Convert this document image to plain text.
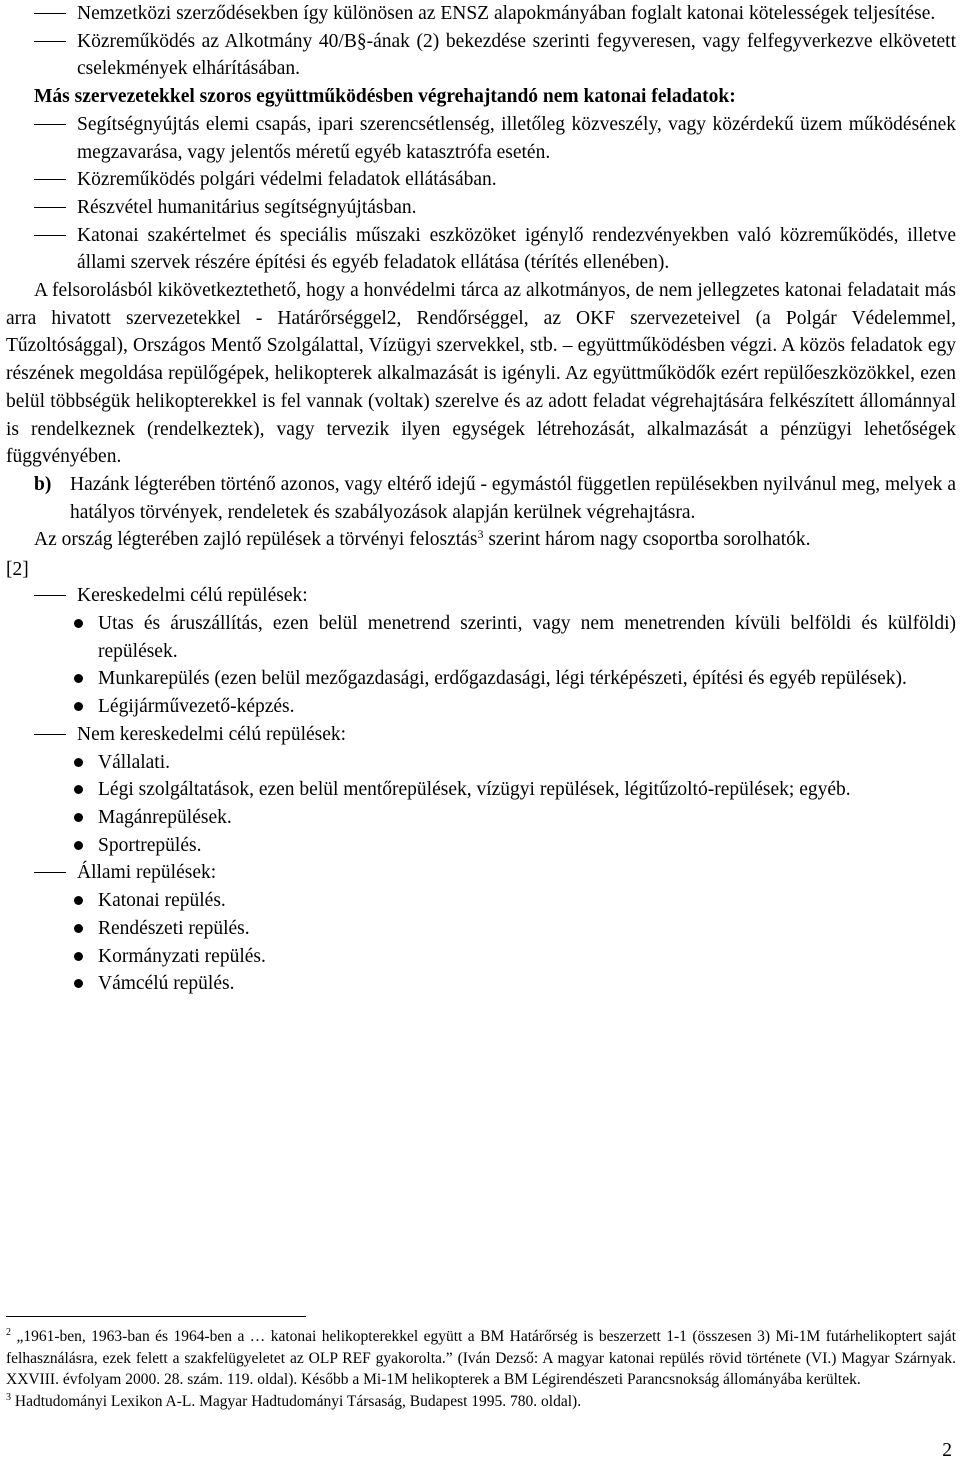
Nemzetközi szerződésekben így különösen az ENSZ alapokmányában foglalt katonai kötelességek teljesítése.
Közreműködés az Alkotmány 40/B§-ának (2) bekezdése szerinti fegyveresen, vagy felfegyverkezve elkövetett cselekmények elhárításában.
Más szervezetekkel szoros együttműködésben végrehajtandó nem katonai feladatok:
Segítségnyújtás elemi csapás, ipari szerencsétlenség, illetőleg közveszély, vagy közérdekű üzem működésének megzavarása, vagy jelentős méretű egyéb katasztrófa esetén.
Közreműködés polgári védelmi feladatok ellátásában.
Részvétel humanitárius segítségnyújtásban.
Katonai szakértelmet és speciális műszaki eszközöket igénylő rendezvényekben való közreműködés, illetve állami szervek részére építési és egyéb feladatok ellátása (térítés ellenében).

A felsorolásból kikövetkeztethető, hogy a honvédelmi tárca az alkotmányos, de nem jellegzetes katonai feladatait más arra hivatott szervezetekkel - Határőrséggel2, Rendőrséggel, az OKF szervezeteivel (a Polgár Védelemmel, Tűzoltósággal), Országos Mentő Szolgálattal, Vízügyi szervekkel, stb. – együttműködésben végzi. A közös feladatok egy részének megoldása repülőgépek, helikopterek alkalmazását is igényli. Az együttműködők ezért repülőeszközökkel, ezen belül többségük helikopterekkel is fel vannak (voltak) szerelve és az adott feladat végrehajtására felkészített állománnyal is rendelkeznek (rendelkeztek), vagy tervezik ilyen egységek létrehozását, alkalmazását a pénzügyi lehetőségek függvényében.

b) Hazánk légterében történő azonos, vagy eltérő idejű - egymástól független repülésekben nyilvánul meg, melyek a hatályos törvények, rendeletek és szabályozások alapján kerülnek végrehajtásra.

Az ország légterében zajló repülések a törvényi felosztás$^3$ szerint három nagy csoportba sorolhatók.

[2]
Kereskedelmi célú repülések:
Utas és áruszállítás, ezen belül menetrend szerinti, vagy nem menetrenden kívüli belföldi és külföldi) repülések.
Munkarepülés (ezen belül mezőgazdasági, erdőgazdasági, légi térképészeti, építési és egyéb repülések).
Légijárművezető-képzés.
Nem kereskedelmi célú repülések:
Vállalati.
Légi szolgáltatások, ezen belül mentőrepülések, vízügyi repülések, légitűzoltó-repülések; egyéb.
Magánrepülések.
Sportrepülés.
Állami repülések:
Katonai repülés.
Rendészeti repülés.
Kormányzati repülés.
Vámcélú repülés.
$^2$ „1961-ben, 1963-ban és 1964-ben a … katonai helikopterekkel együtt a BM Határőrség is beszerzett 1-1 (összesen 3) Mi-1M futárhelikoptert saját felhasználásra, ezek felett a szakfelügyeletet az OLP REF gyakorolta.” (Iván Dezső: A magyar katonai repülés rövid története (VI.) Magyar Szárnyak. XXVIII. évfolyam 2000. 28. szám. 119. oldal). Később a Mi-1M helikopterek a BM Légirendészeti Parancsnokság állományába kerültek.
$^3$ Hadtudományi Lexikon A-L. Magyar Hadtudományi Társaság, Budapest 1995. 780. oldal).
2
